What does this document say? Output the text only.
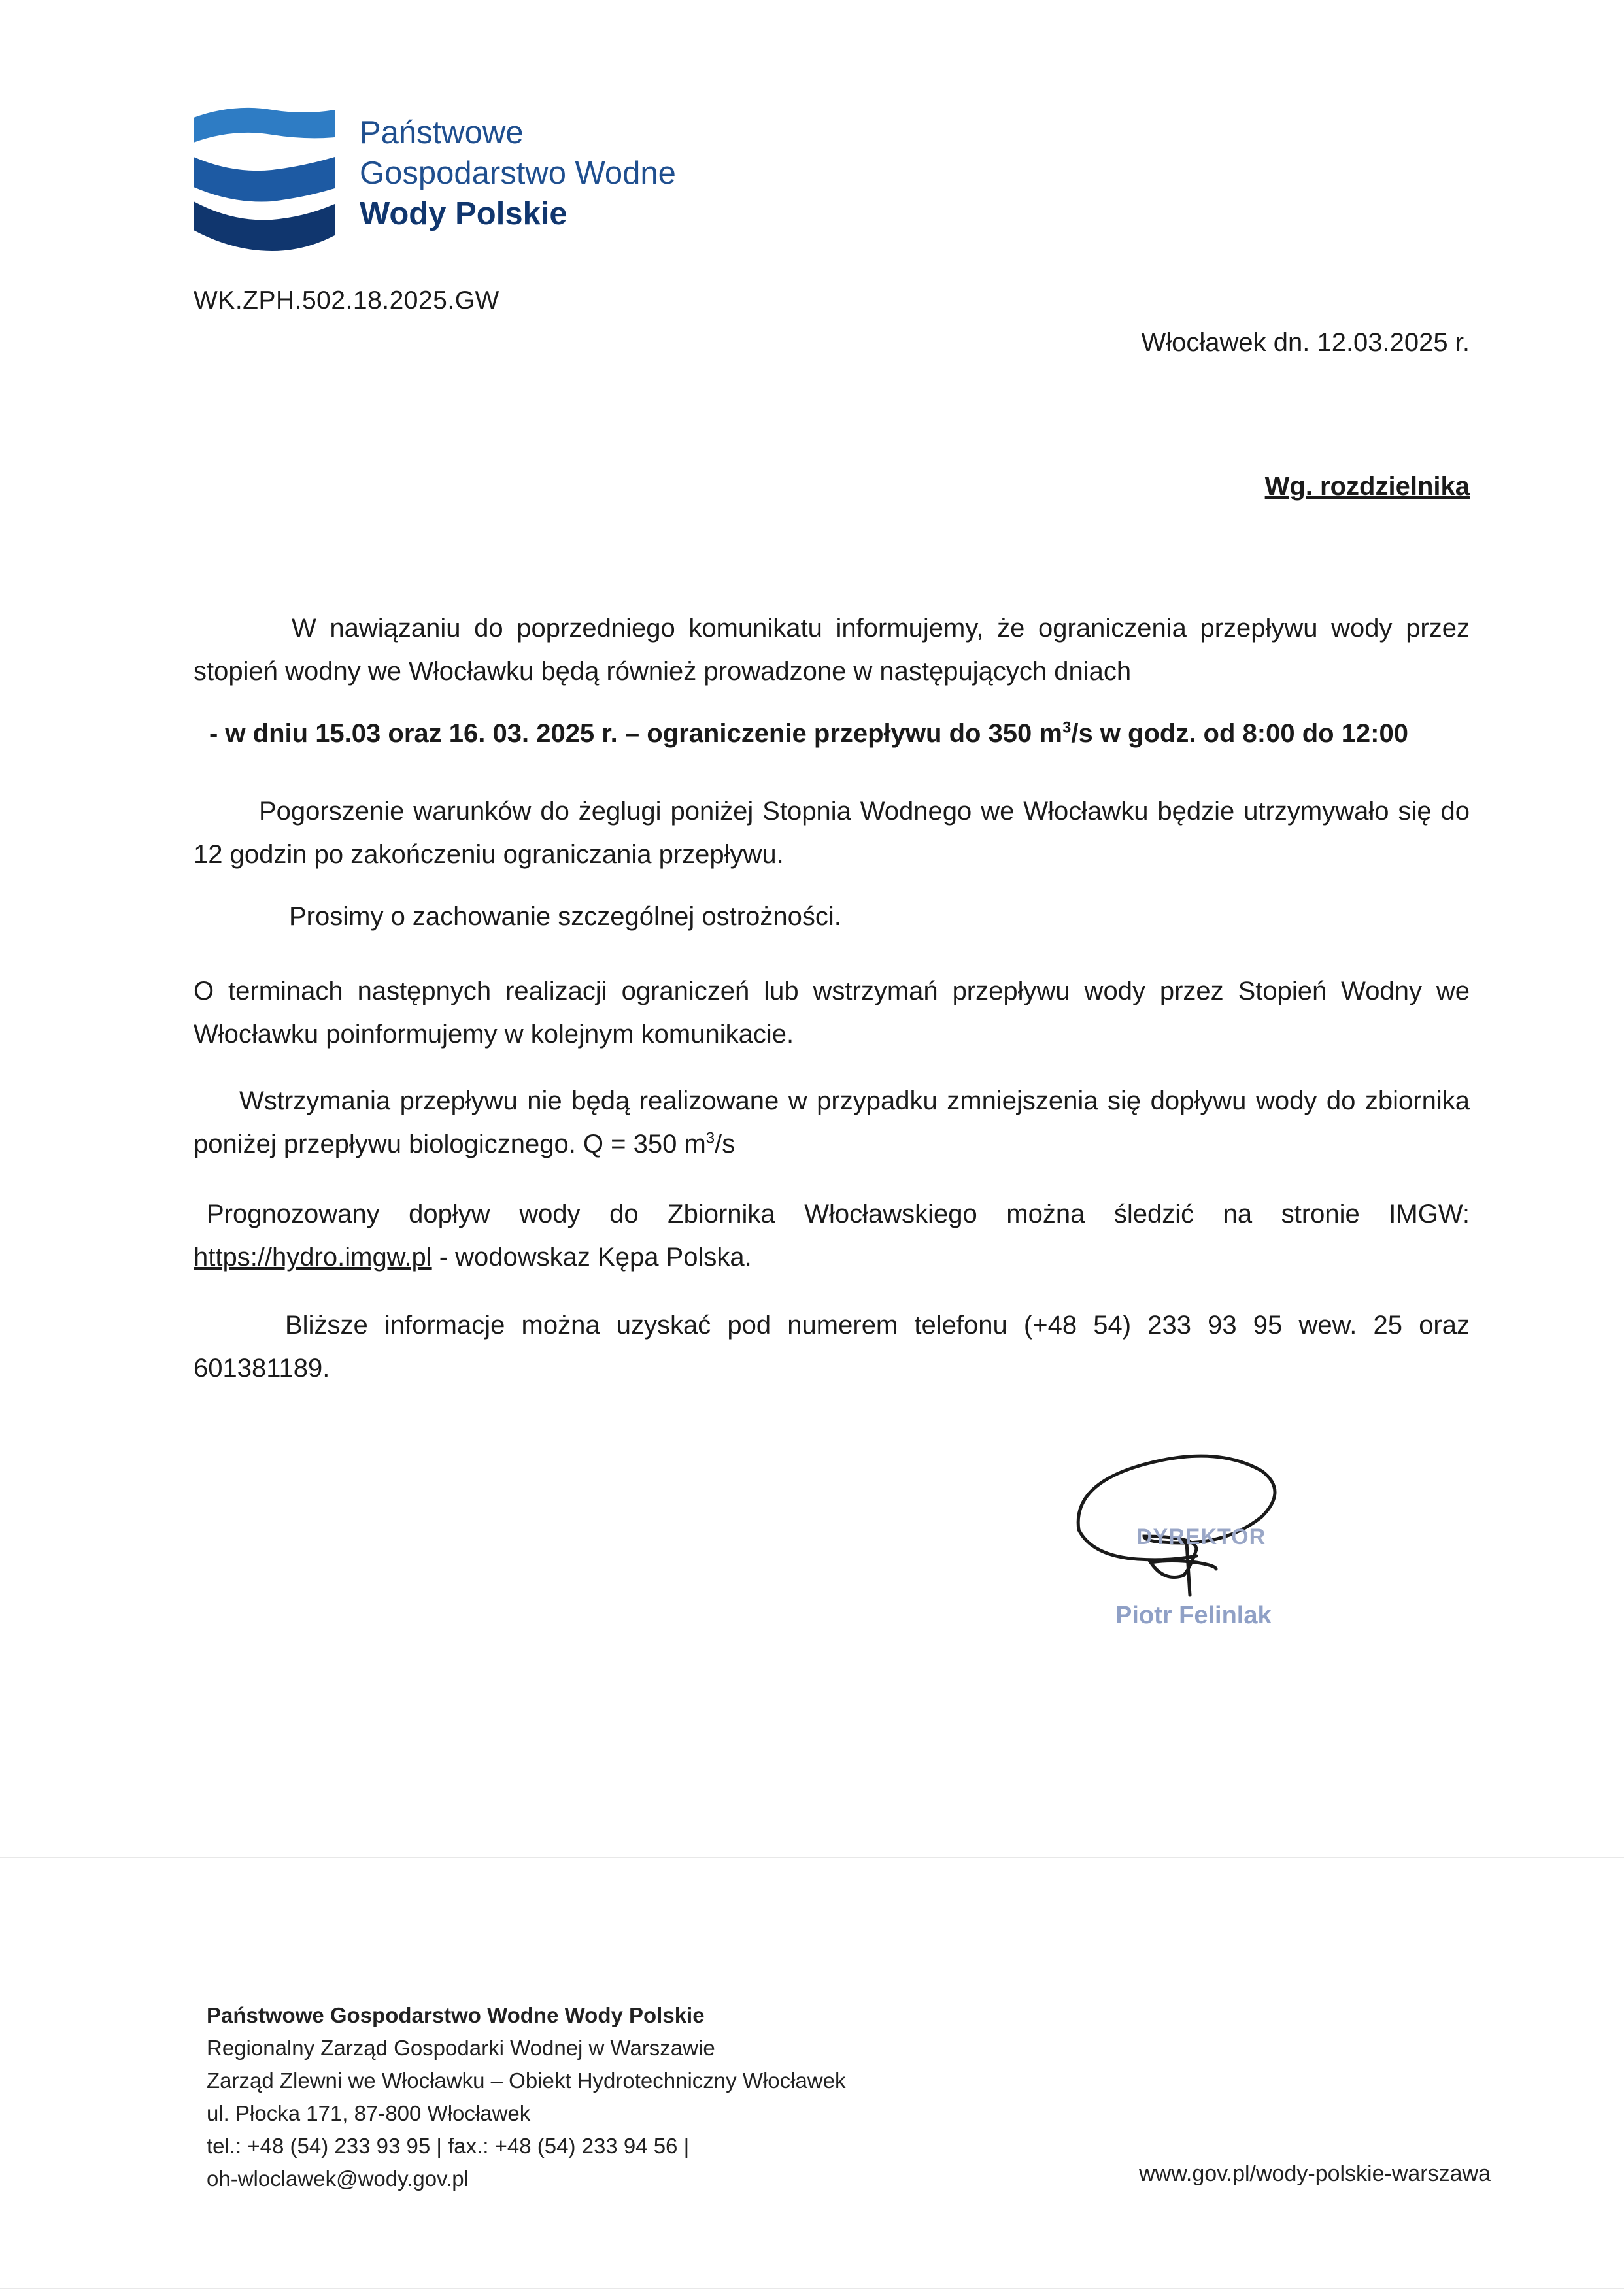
Państwowe
Gospodarstwo Wodne
Wody Polskie
WK.ZPH.502.18.2025.GW
Włocławek dn. 12.03.2025 r.
Wg. rozdzielnika
W nawiązaniu do poprzedniego komunikatu informujemy, że ograniczenia przepływu wody przez stopień wodny we Włocławku będą również prowadzone w następujących dniach
- w dniu 15.03 oraz 16. 03. 2025 r. – ograniczenie przepływu do 350 $m^3/s$ w godz. od 8:00 do 12:00
Pogorszenie warunków do żeglugi poniżej Stopnia Wodnego we Włocławku będzie utrzymywało się do 12 godzin po zakończeniu ograniczania przepływu.
Prosimy o zachowanie szczególnej ostrożności.
O terminach następnych realizacji ograniczeń lub wstrzymań przepływu wody przez Stopień Wodny we Włocławku poinformujemy w kolejnym komunikacie.
Wstrzymania przepływu nie będą realizowane w przypadku zmniejszenia się dopływu wody do zbiornika poniżej przepływu biologicznego. Q = 350 $m^3/s$
Prognozowany dopływ wody do Zbiornika Włocławskiego można śledzić na stronie IMGW: https://hydro.imgw.pl - wodowskaz Kępa Polska.
Bliższe informacje można uzyskać pod numerem telefonu (+48 54) 233 93 95 wew. 25 oraz 601381189.
DYREKTOR
Piotr Felinlak
Państwowe Gospodarstwo Wodne Wody Polskie
Regionalny Zarząd Gospodarki Wodnej w Warszawie
Zarząd Zlewni we Włocławku – Obiekt Hydrotechniczny Włocławek
ul. Płocka 171, 87-800 Włocławek
tel.: +48 (54) 233 93 95 | fax.: +48 (54) 233 94 56 |
oh-wloclawek@wody.gov.pl	www.gov.pl/wody-polskie-warszawa
